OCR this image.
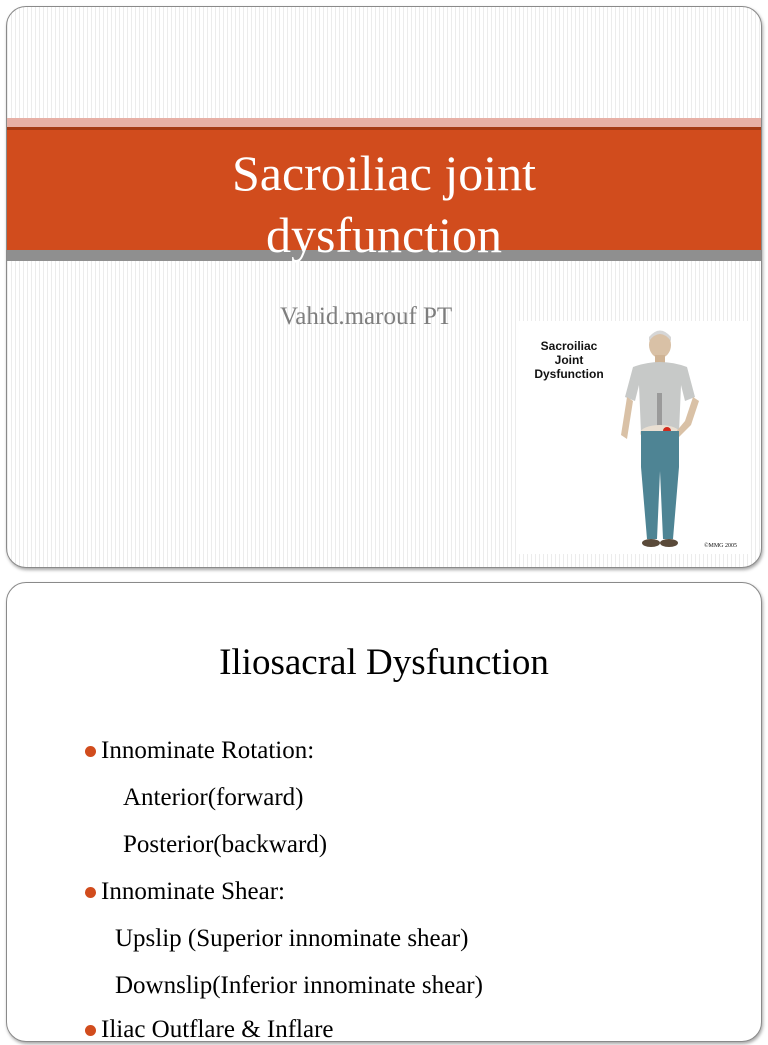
Sacroiliac joint
dysfunction
Vahid.marouf PT
Sacroiliac
Joint
Dysfunction
©MMG 2005
Iliosacral Dysfunction
Innominate Rotation:
Anterior(forward)
Posterior(backward)
Innominate Shear:
Upslip (Superior innominate shear)
Downslip(Inferior innominate shear)
Iliac Outflare & Inflare
